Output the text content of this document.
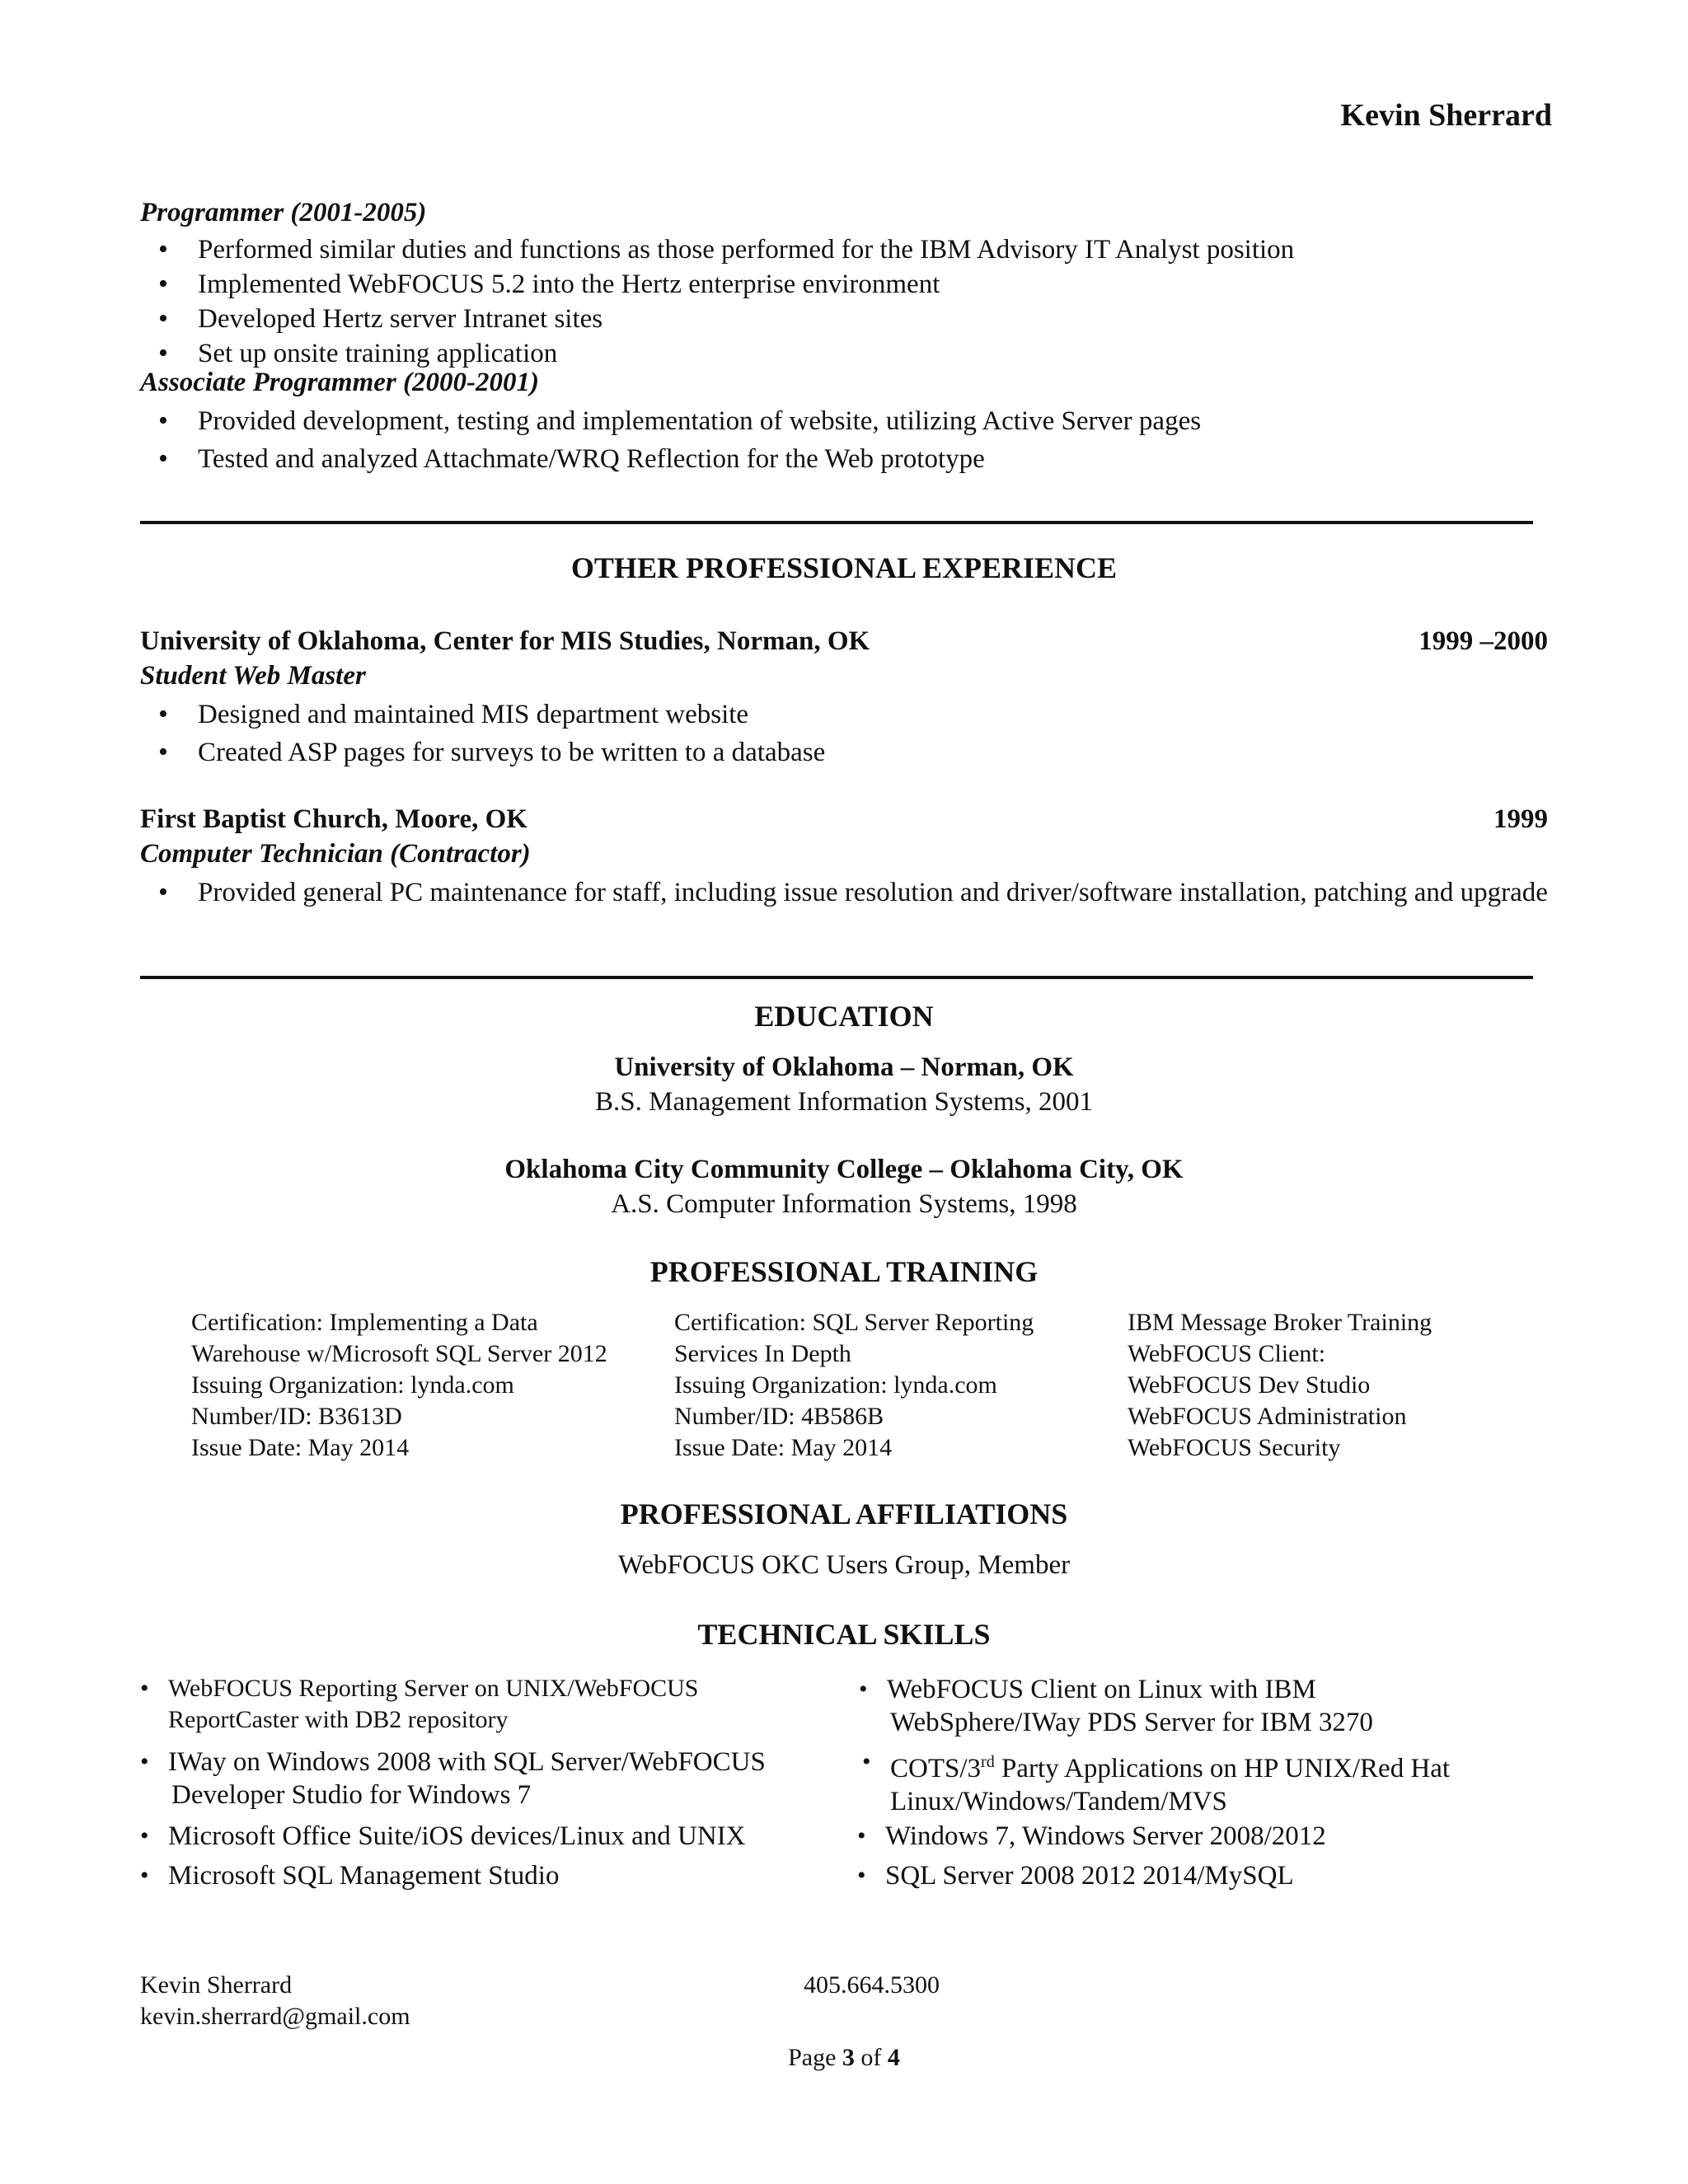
Kevin Sherrard
Programmer (2001-2005)
• Performed similar duties and functions as those performed for the IBM Advisory IT Analyst position
• Implemented WebFOCUS 5.2 into the Hertz enterprise environment
• Developed Hertz server Intranet sites
• Set up onsite training application
Associate Programmer (2000-2001)
• Provided development, testing and implementation of website, utilizing Active Server pages
• Tested and analyzed Attachmate/WRQ Reflection for the Web prototype
OTHER PROFESSIONAL EXPERIENCE
University of Oklahoma, Center for MIS Studies, Norman, OK	1999 –2000
Student Web Master
• Designed and maintained MIS department website
• Created ASP pages for surveys to be written to a database
First Baptist Church, Moore, OK	1999
Computer Technician (Contractor)
• Provided general PC maintenance for staff, including issue resolution and driver/software installation, patching and upgrade
EDUCATION
University of Oklahoma – Norman, OK
B.S. Management Information Systems, 2001
Oklahoma City Community College – Oklahoma City, OK
A.S. Computer Information Systems, 1998
PROFESSIONAL TRAINING
Certification: Implementing a Data
Warehouse w/Microsoft SQL Server 2012
Issuing Organization: lynda.com
Number/ID: B3613D
Issue Date: May 2014
Certification: SQL Server Reporting
Services In Depth
Issuing Organization: lynda.com
Number/ID: 4B586B
Issue Date: May 2014
IBM Message Broker Training
WebFOCUS Client:
WebFOCUS Dev Studio
WebFOCUS Administration
WebFOCUS Security
PROFESSIONAL AFFILIATIONS
WebFOCUS OKC Users Group, Member
TECHNICAL SKILLS
• WebFOCUS Reporting Server on UNIX/WebFOCUS
ReportCaster with DB2 repository
• IWay on Windows 2008 with SQL Server/WebFOCUS
Developer Studio for Windows 7
• Microsoft Office Suite/iOS devices/Linux and UNIX
• Microsoft SQL Management Studio
• WebFOCUS Client on Linux with IBM
WebSphere/IWay PDS Server for IBM 3270
• COTS/3rd Party Applications on HP UNIX/Red Hat
Linux/Windows/Tandem/MVS
• Windows 7, Windows Server 2008/2012
• SQL Server 2008 2012 2014/MySQL
Kevin Sherrard
kevin.sherrard@gmail.com
405.664.5300
Page 3 of 4
